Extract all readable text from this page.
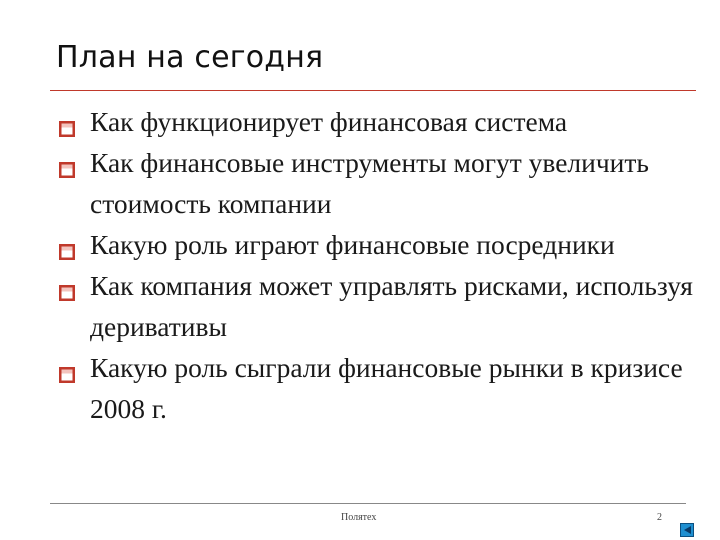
План на сегодня
Как функционирует финансовая система
Как финансовые инструменты могут увеличить стоимость компании
Какую роль играют финансовые посредники
Как компания может управлять рисками, используя деривативы
Какую роль сыграли финансовые рынки в кризисе 2008 г.
Полятех	2
